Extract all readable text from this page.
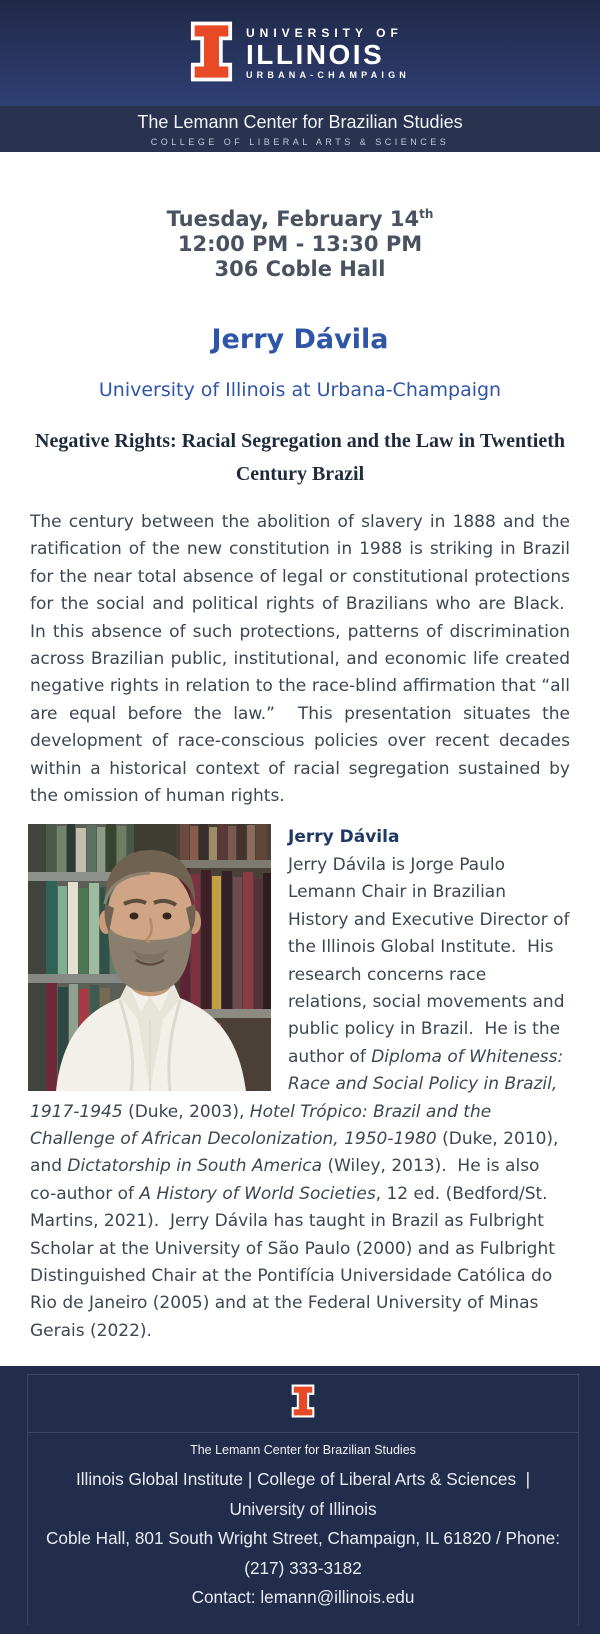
UNIVERSITY OF
ILLINOIS
URBANA-CHAMPAIGN
The Lemann Center for Brazilian Studies
COLLEGE OF LIBERAL ARTS & SCIENCES
Tuesday, February 14th
12:00 PM - 13:30 PM
306 Coble Hall
Jerry Dávila
University of Illinois at Urbana-Champaign
Negative Rights: Racial Segregation and the Law in Twentieth
Century Brazil

The century between the abolition of slavery in 1888 and the ratification of the new constitution in 1988 is striking in Brazil for the near total absence of legal or constitutional protections for the social and political rights of Brazilians who are Black.  In this absence of such protections, patterns of discrimination across Brazilian public, institutional, and economic life created negative rights in relation to the race-blind affirmation that “all are equal before the law.”  This presentation situates the development of race-conscious policies over recent decades within a historical context of racial segregation sustained by the omission of human rights.

Jerry Dávila
Jerry Dávila is Jorge Paulo Lemann Chair in Brazilian History and Executive Director of the Illinois Global Institute.  His research concerns race relations, social movements and public policy in Brazil.  He is the author of Diploma of Whiteness: Race and Social Policy in Brazil, 1917-1945 (Duke, 2003), Hotel Trópico: Brazil and the Challenge of African Decolonization, 1950-1980 (Duke, 2010), and Dictatorship in South America (Wiley, 2013).  He is also co-author of A History of World Societies, 12 ed. (Bedford/St. Martins, 2021).  Jerry Dávila has taught in Brazil as Fulbright Scholar at the University of São Paulo (2000) and as Fulbright Distinguished Chair at the Pontifícia Universidade Católica do Rio de Janeiro (2005) and at the Federal University of Minas Gerais (2022).
The Lemann Center for Brazilian Studies
Illinois Global Institute | College of Liberal Arts & Sciences  |
University of Illinois
Coble Hall, 801 South Wright Street, Champaign, IL 61820 / Phone:
(217) 333-3182
Contact: lemann@illinois.edu
